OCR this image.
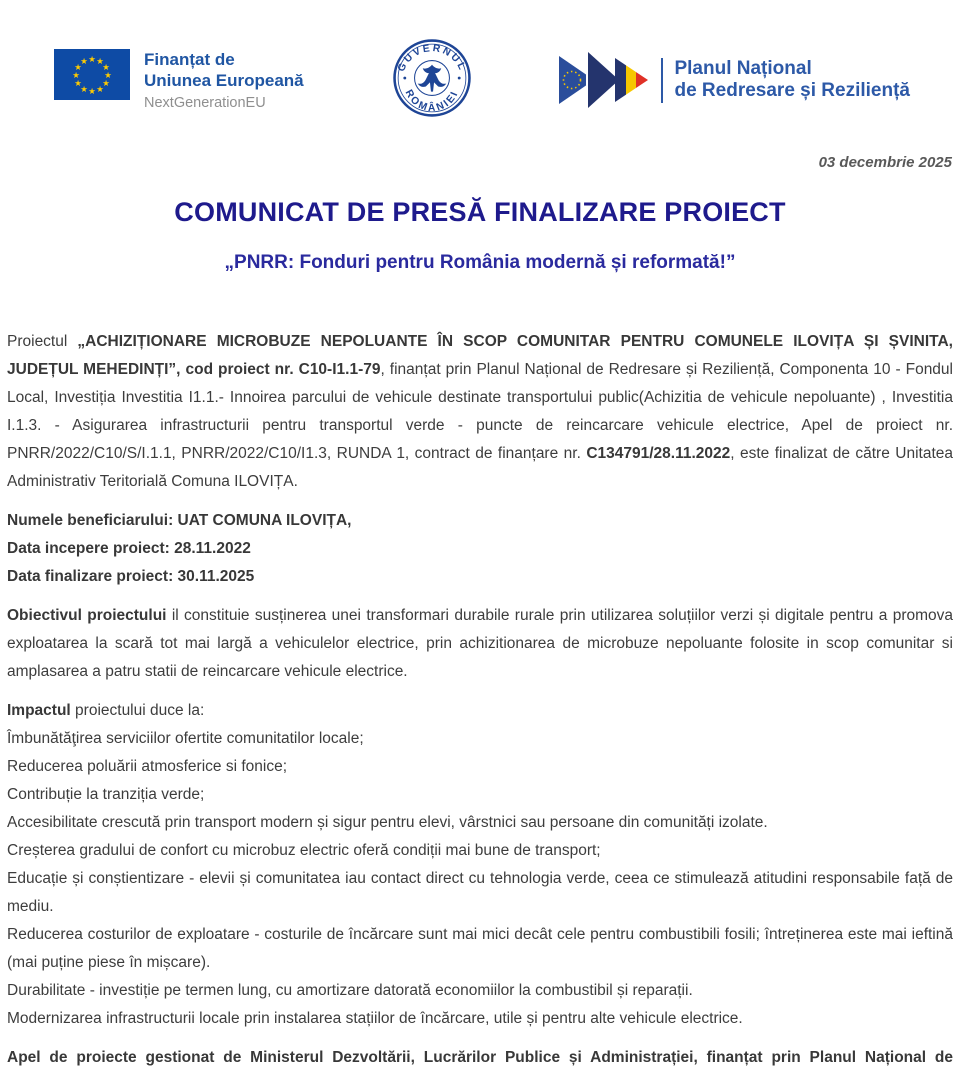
★ ★
★
★
★
★
★
★
★
★
★
★	Finanțat de
Uniunea Europeană
NextGenerationEU
GUVERNUL
ROMÂNIEI
Planul Național
de Redresare și Reziliență
03 decembrie 2025
COMUNICAT DE PRESĂ FINALIZARE PROIECT
„PNRR: Fonduri pentru România modernă și reformată!”

Proiectul „ACHIZIȚIONARE MICROBUZE NEPOLUANTE ÎN SCOP COMUNITAR PENTRU COMUNELE ILOVIȚA ȘI ȘVINITA, JUDEȚUL MEHEDINȚI”, cod proiect nr. C10-I1.1-79, finanțat prin Planul Național de Redresare și Reziliență, Componenta 10 - Fondul Local, Investiția Investitia I1.1.- Innoirea parcului de vehicule destinate transportului public(Achizitia de vehicule nepoluante) , Investitia I.1.3. - Asigurarea infrastructurii pentru transportul verde - puncte de reincarcare vehicule electrice, Apel de proiect nr. PNRR/2022/C10/S/I.1.1, PNRR/2022/C10/I1.3, RUNDA 1, contract de finanțare nr. C134791/28.11.2022, este finalizat de către Unitatea Administrativ Teritorială Comuna ILOVIȚA.

Numele beneficiarului: UAT COMUNA ILOVIȚA,

Data incepere proiect: 28.11.2022

Data finalizare proiect: 30.11.2025

Obiectivul proiectului il constituie susținerea unei transformari durabile rurale prin utilizarea soluțiilor verzi și digitale pentru a promova exploatarea la scară tot mai largă a vehiculelor electrice, prin achizitionarea de microbuze nepoluante folosite in scop comunitar si amplasarea a patru statii de reincarcare vehicule electrice.

Impactul proiectului duce la:

Îmbunătăţirea serviciilor ofertite comunitatilor locale;

Reducerea poluării atmosferice si fonice;

Contribuție la tranziția verde;

Accesibilitate crescută prin transport modern și sigur pentru elevi, vârstnici sau persoane din comunități izolate.

Creșterea gradului de confort cu microbuz electric oferă condiții mai bune de transport;

Educație și conștientizare - elevii și comunitatea iau contact direct cu tehnologia verde, ceea ce stimulează atitudini responsabile față de mediu.

Reducerea costurilor de exploatare - costurile de încărcare sunt mai mici decât cele pentru combustibili fosili; întreținerea este mai ieftină (mai puține piese în mișcare).

Durabilitate - investiție pe termen lung, cu amortizare datorată economiilor la combustibil și reparații.

Modernizarea infrastructurii locale prin instalarea stațiilor de încărcare, utile și pentru alte vehicule electrice.

Apel de proiecte gestionat de Ministerul Dezvoltării, Lucrărilor Publice și Administrației, finanțat prin Planul Național de
